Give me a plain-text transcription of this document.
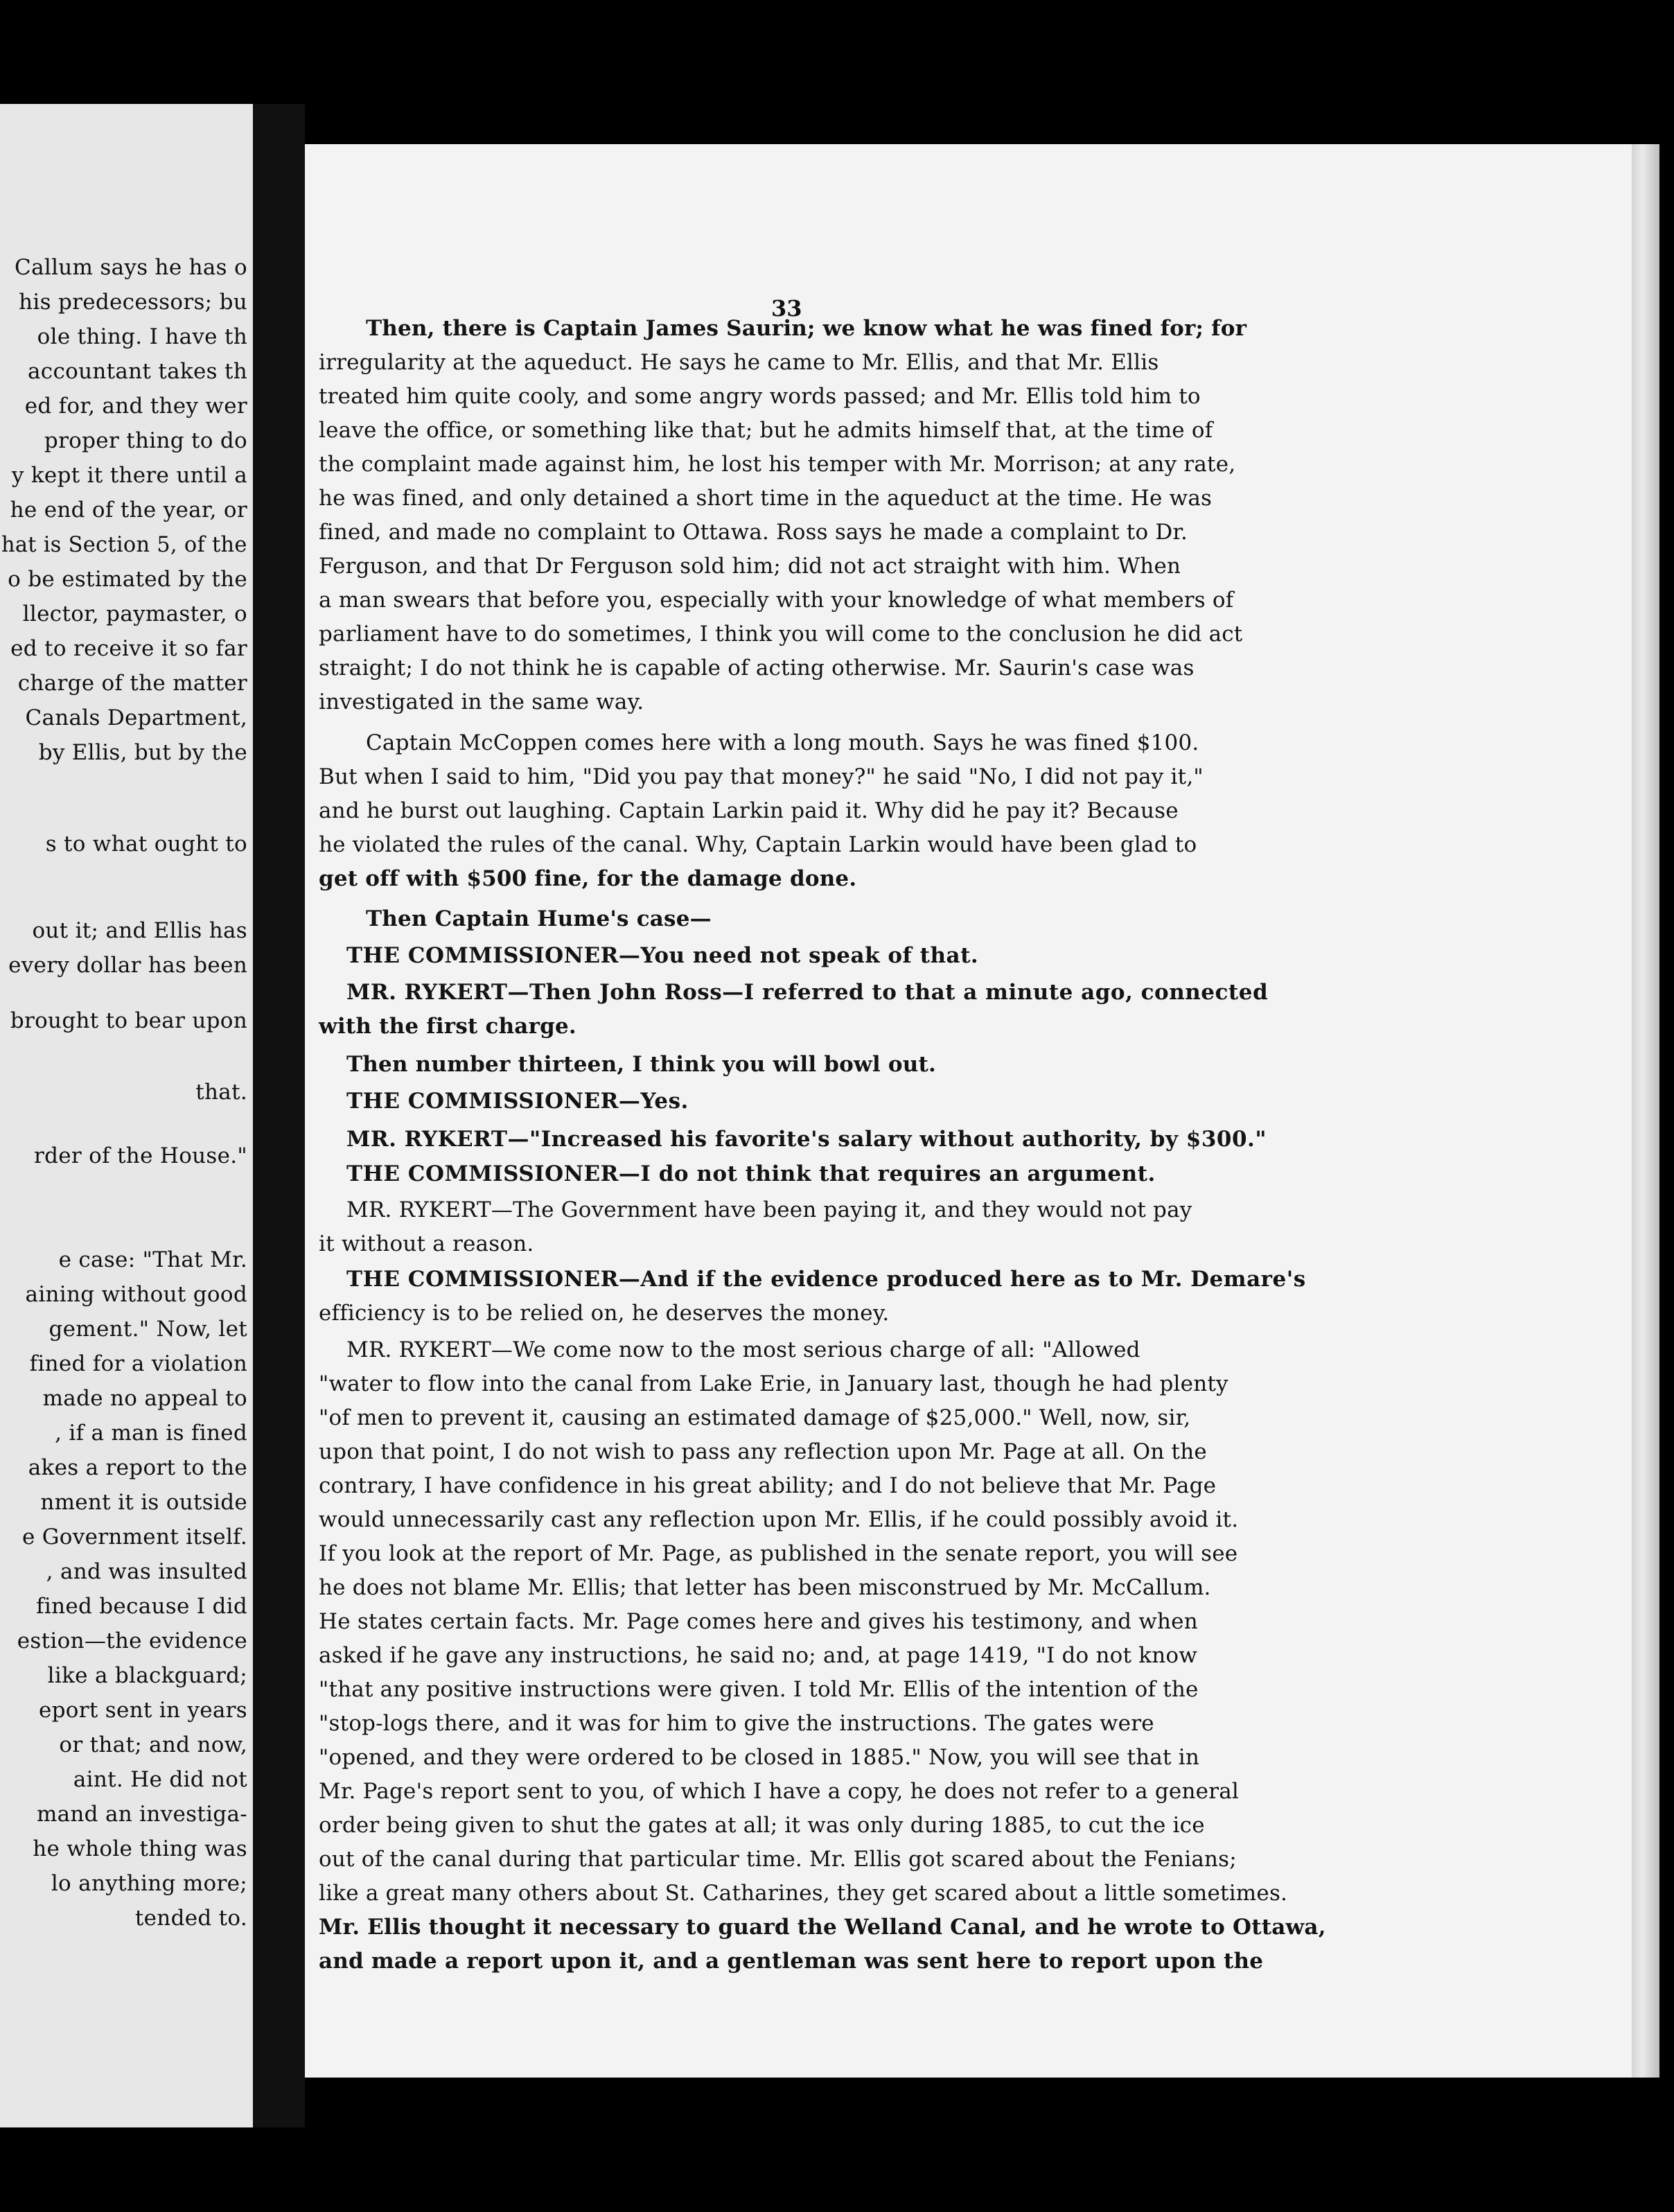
Callum says he has o
his predecessors; bu
ole thing. I have th
accountant takes th
ed for, and they wer
proper thing to do
y kept it there until a
he end of the year, or
hat is Section 5, of the
o be estimated by the
llector, paymaster, o
ed to receive it so far
charge of the matter
Canals Department,
by Ellis, but by the
s to what ought to
out it; and Ellis has
every dollar has been
brought to bear upon
that.
rder of the House."
e case: "That Mr.
aining without good
gement." Now, let
fined for a violation
made no appeal to
, if a man is fined
akes a report to the
nment it is outside
e Government itself.
, and was insulted
fined because I did
estion—the evidence
like a blackguard;
eport sent in years
or that; and now,
aint. He did not
mand an investiga-
he whole thing was
lo anything more;
tended to.
33
Then, there is Captain James Saurin; we know what he was fined for; for
irregularity at the aqueduct. He says he came to Mr. Ellis, and that Mr. Ellis
treated him quite cooly, and some angry words passed; and Mr. Ellis told him to
leave the office, or something like that; but he admits himself that, at the time of
the complaint made against him, he lost his temper with Mr. Morrison; at any rate,
he was fined, and only detained a short time in the aqueduct at the time. He was
fined, and made no complaint to Ottawa. Ross says he made a complaint to Dr.
Ferguson, and that Dr Ferguson sold him; did not act straight with him. When
a man swears that before you, especially with your knowledge of what members of
parliament have to do sometimes, I think you will come to the conclusion he did act
straight; I do not think he is capable of acting otherwise. Mr. Saurin's case was
investigated in the same way.
Captain McCoppen comes here with a long mouth. Says he was fined $100.
But when I said to him, "Did you pay that money?" he said "No, I did not pay it,"
and he burst out laughing. Captain Larkin paid it. Why did he pay it? Because
he violated the rules of the canal. Why, Captain Larkin would have been glad to
get off with $500 fine, for the damage done.
Then Captain Hume's case—
THE COMMISSIONER—You need not speak of that.
MR. RYKERT—Then John Ross—I referred to that a minute ago, connected
with the first charge.
Then number thirteen, I think you will bowl out.
THE COMMISSIONER—Yes.
MR. RYKERT—"Increased his favorite's salary without authority, by $300."
THE COMMISSIONER—I do not think that requires an argument.
MR. RYKERT—The Government have been paying it, and they would not pay
it without a reason.
THE COMMISSIONER—And if the evidence produced here as to Mr. Demare's
efficiency is to be relied on, he deserves the money.
MR. RYKERT—We come now to the most serious charge of all: "Allowed
"water to flow into the canal from Lake Erie, in January last, though he had plenty
"of men to prevent it, causing an estimated damage of $25,000." Well, now, sir,
upon that point, I do not wish to pass any reflection upon Mr. Page at all. On the
contrary, I have confidence in his great ability; and I do not believe that Mr. Page
would unnecessarily cast any reflection upon Mr. Ellis, if he could possibly avoid it.
If you look at the report of Mr. Page, as published in the senate report, you will see
he does not blame Mr. Ellis; that letter has been misconstrued by Mr. McCallum.
He states certain facts. Mr. Page comes here and gives his testimony, and when
asked if he gave any instructions, he said no; and, at page 1419, "I do not know
"that any positive instructions were given. I told Mr. Ellis of the intention of the
"stop-logs there, and it was for him to give the instructions. The gates were
"opened, and they were ordered to be closed in 1885." Now, you will see that in
Mr. Page's report sent to you, of which I have a copy, he does not refer to a general
order being given to shut the gates at all; it was only during 1885, to cut the ice
out of the canal during that particular time. Mr. Ellis got scared about the Fenians;
like a great many others about St. Catharines, they get scared about a little sometimes.
Mr. Ellis thought it necessary to guard the Welland Canal, and he wrote to Ottawa,
and made a report upon it, and a gentleman was sent here to report upon the
